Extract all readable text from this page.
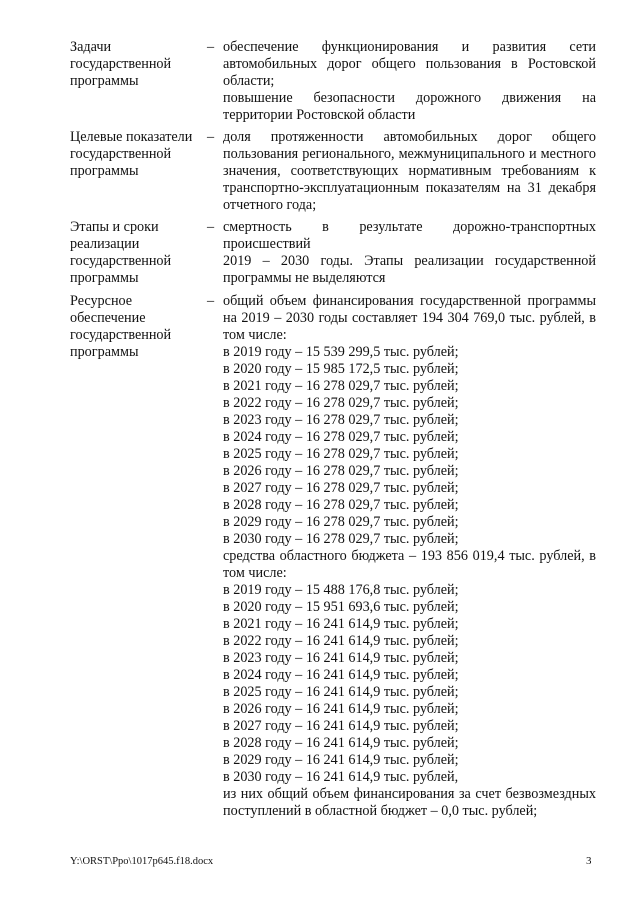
Задачи государственной программы
– обеспечение функционирования и развития сети автомобильных дорог общего пользования в Ростовской области;
повышение безопасности дорожного движения на территории Ростовской области
Целевые показатели государственной программы
– доля протяженности автомобильных дорог общего пользования регионального, межмуниципального и местного значения, соответствующих нормативным требованиям к транспортно-эксплуатационным показателям на 31 декабря отчетного года;
Этапы и сроки реализации государственной программы
– смертность в результате дорожно-транспортных происшествий
2019 – 2030 годы. Этапы реализации государственной программы не выделяются
Ресурсное обеспечение государственной программы
– общий объем финансирования государственной программы на 2019 – 2030 годы составляет 194 304 769,0 тыс. рублей, в том числе:
в 2019 году – 15 539 299,5 тыс. рублей;
в 2020 году – 15 985 172,5 тыс. рублей;
в 2021 году – 16 278 029,7 тыс. рублей;
в 2022 году – 16 278 029,7 тыс. рублей;
в 2023 году – 16 278 029,7 тыс. рублей;
в 2024 году – 16 278 029,7 тыс. рублей;
в 2025 году – 16 278 029,7 тыс. рублей;
в 2026 году – 16 278 029,7 тыс. рублей;
в 2027 году – 16 278 029,7 тыс. рублей;
в 2028 году – 16 278 029,7 тыс. рублей;
в 2029 году – 16 278 029,7 тыс. рублей;
в 2030 году – 16 278 029,7 тыс. рублей;
средства областного бюджета – 193 856 019,4 тыс. рублей, в том числе:
в 2019 году – 15 488 176,8 тыс. рублей;
в 2020 году – 15 951 693,6 тыс. рублей;
в 2021 году – 16 241 614,9 тыс. рублей;
в 2022 году – 16 241 614,9 тыс. рублей;
в 2023 году – 16 241 614,9 тыс. рублей;
в 2024 году – 16 241 614,9 тыс. рублей;
в 2025 году – 16 241 614,9 тыс. рублей;
в 2026 году – 16 241 614,9 тыс. рублей;
в 2027 году – 16 241 614,9 тыс. рублей;
в 2028 году – 16 241 614,9 тыс. рублей;
в 2029 году – 16 241 614,9 тыс. рублей;
в 2030 году – 16 241 614,9 тыс. рублей,
из них общий объем финансирования за счет безвозмездных поступлений в областной бюджет – 0,0 тыс. рублей;
Y:\ORST\Ppo\1017p645.f18.docx	3
